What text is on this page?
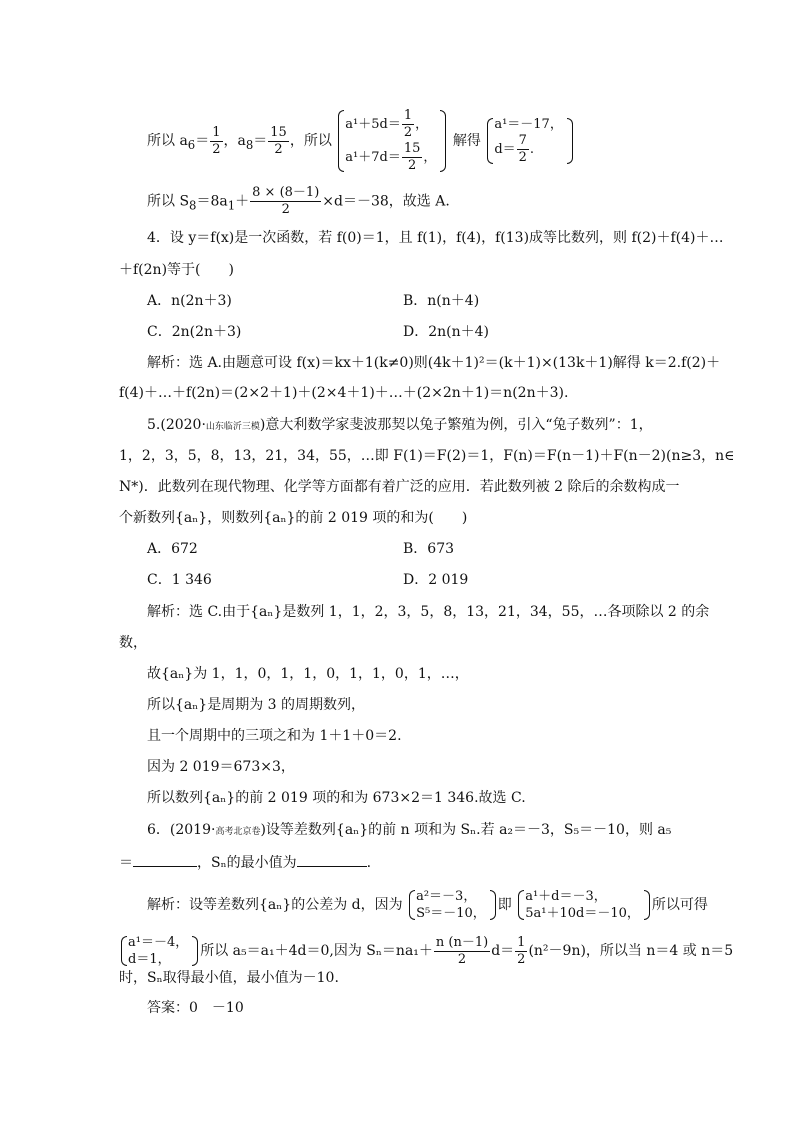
所以 $a_6= \frac{1}{2}$ ，$a_8= \frac{15}{2}$ ，所以
$a^1+5d= \frac{1}{2}$ ，
$a^1+7d= \frac{15}{2}$ ，
解得
a¹＝－17，
$d= \frac{7}{2}$ .
所以 $S_8=8a_1+ \frac{8 \times (8-1)}{2} \times d=-38$，故选 A.
4．设 y＝f(x)是一次函数，若 f(0)＝1，且 f(1)，f(4)，f(13)成等比数列，则 f(2)＋f(4)＋…
＋f(2n)等于(　　)
A．n(2n＋3)	B．n(n＋4)
C．2n(2n＋3)	D．2n(n＋4)
解析：选 A.由题意可设 f(x)＝kx＋1(k≠0)则(4k＋1)²＝(k＋1)×(13k＋1)解得 k＝2.f(2)＋
f(4)＋…＋f(2n)＝(2×2＋1)＋(2×4＋1)＋…＋(2×2n＋1)＝n(2n＋3).
5.(2020·山东临沂三模)意大利数学家斐波那契以兔子繁殖为例，引入“兔子数列”：1，
1，2，3，5，8，13，21，34，55，…即 F(1)＝F(2)＝1，F(n)＝F(n－1)＋F(n－2)(n≥3，n∈
N*)．此数列在现代物理、化学等方面都有着广泛的应用．若此数列被 2 除后的余数构成一
个新数列{aₙ}，则数列{aₙ}的前 2 019 项的和为(　　)
A．672	B．673
C．1 346	D．2 019
解析：选 C.由于{aₙ}是数列 1，1，2，3，5，8，13，21，34，55，…各项除以 2 的余
数，
故{aₙ}为 1，1，0，1，1，0，1，1，0，1，…，
所以{aₙ}是周期为 3 的周期数列，
且一个周期中的三项之和为 1＋1＋0＝2.
因为 2 019＝673×3，
所以数列{aₙ}的前 2 019 项的和为 673×2＝1 346.故选 C.
6．(2019·高考北京卷)设等差数列{aₙ}的前 n 项和为 Sₙ.若 a₂＝－3，S₅＝－10，则 a₅
＝	，Sₙ的最小值为	.
解析：设等差数列{aₙ}的公差为 d，因为
a²＝－3，
S⁵＝－10，
即
a¹＋d＝－3，
5a¹＋10d＝－10，
所以可得
a¹＝－4，
d＝1，
所以 a₅＝a₁＋4d＝0,因为 $S_n=na_1+ \frac{n (n-1)}{2} d= \frac{1}{2} (n^2-9n)$，所以当 n＝4 或 n＝5
时，Sₙ取得最小值，最小值为－10.
答案：0　－10
